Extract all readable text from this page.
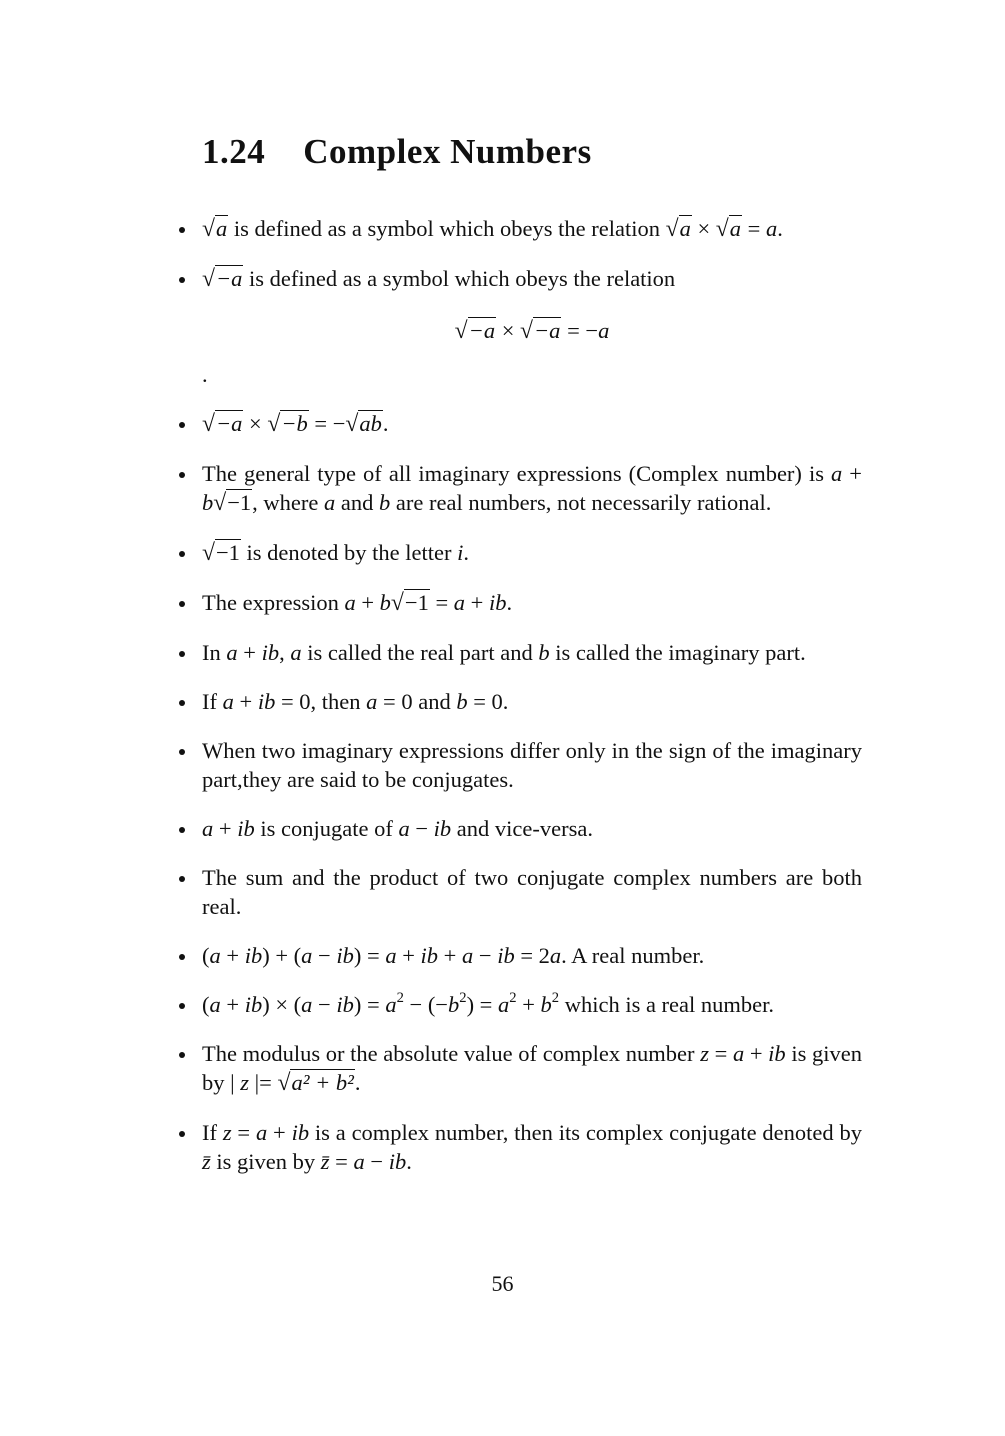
1.24 Complex Numbers
√ a is defined as a symbol which obeys the relation √ a × √ a = a.
√ −a is defined as a symbol which obeys the relation
√ −a × √ −a = −a
.
√ −a × √ −b = − √ ab.
The general type of all imaginary expressions (Complex number) is a + b √ −1, where a and b are real numbers, not necessarily rational.
√ −1 is denoted by the letter i.
The expression a + b √ −1 = a + ib.
In a + ib, a is called the real part and b is called the imaginary part.
If a + ib = 0, then a = 0 and b = 0.
When two imaginary expressions differ only in the sign of the imaginary part,they are said to be conjugates.
a + ib is conjugate of a − ib and vice-versa.
The sum and the product of two conjugate complex numbers are both real.
(a + ib) + (a − ib) = a + ib + a − ib = 2a. A real number.
$(a + ib) \times (a - ib) = a^2 - (-b^2) = a^2 + b^2$ which is a real number.
The modulus or the absolute value of complex number z = a + ib is given by | z |= √ a² + b².
If z = a + ib is a complex number, then its complex conjugate denoted by z̄ is given by z̄ = a − ib.
56
